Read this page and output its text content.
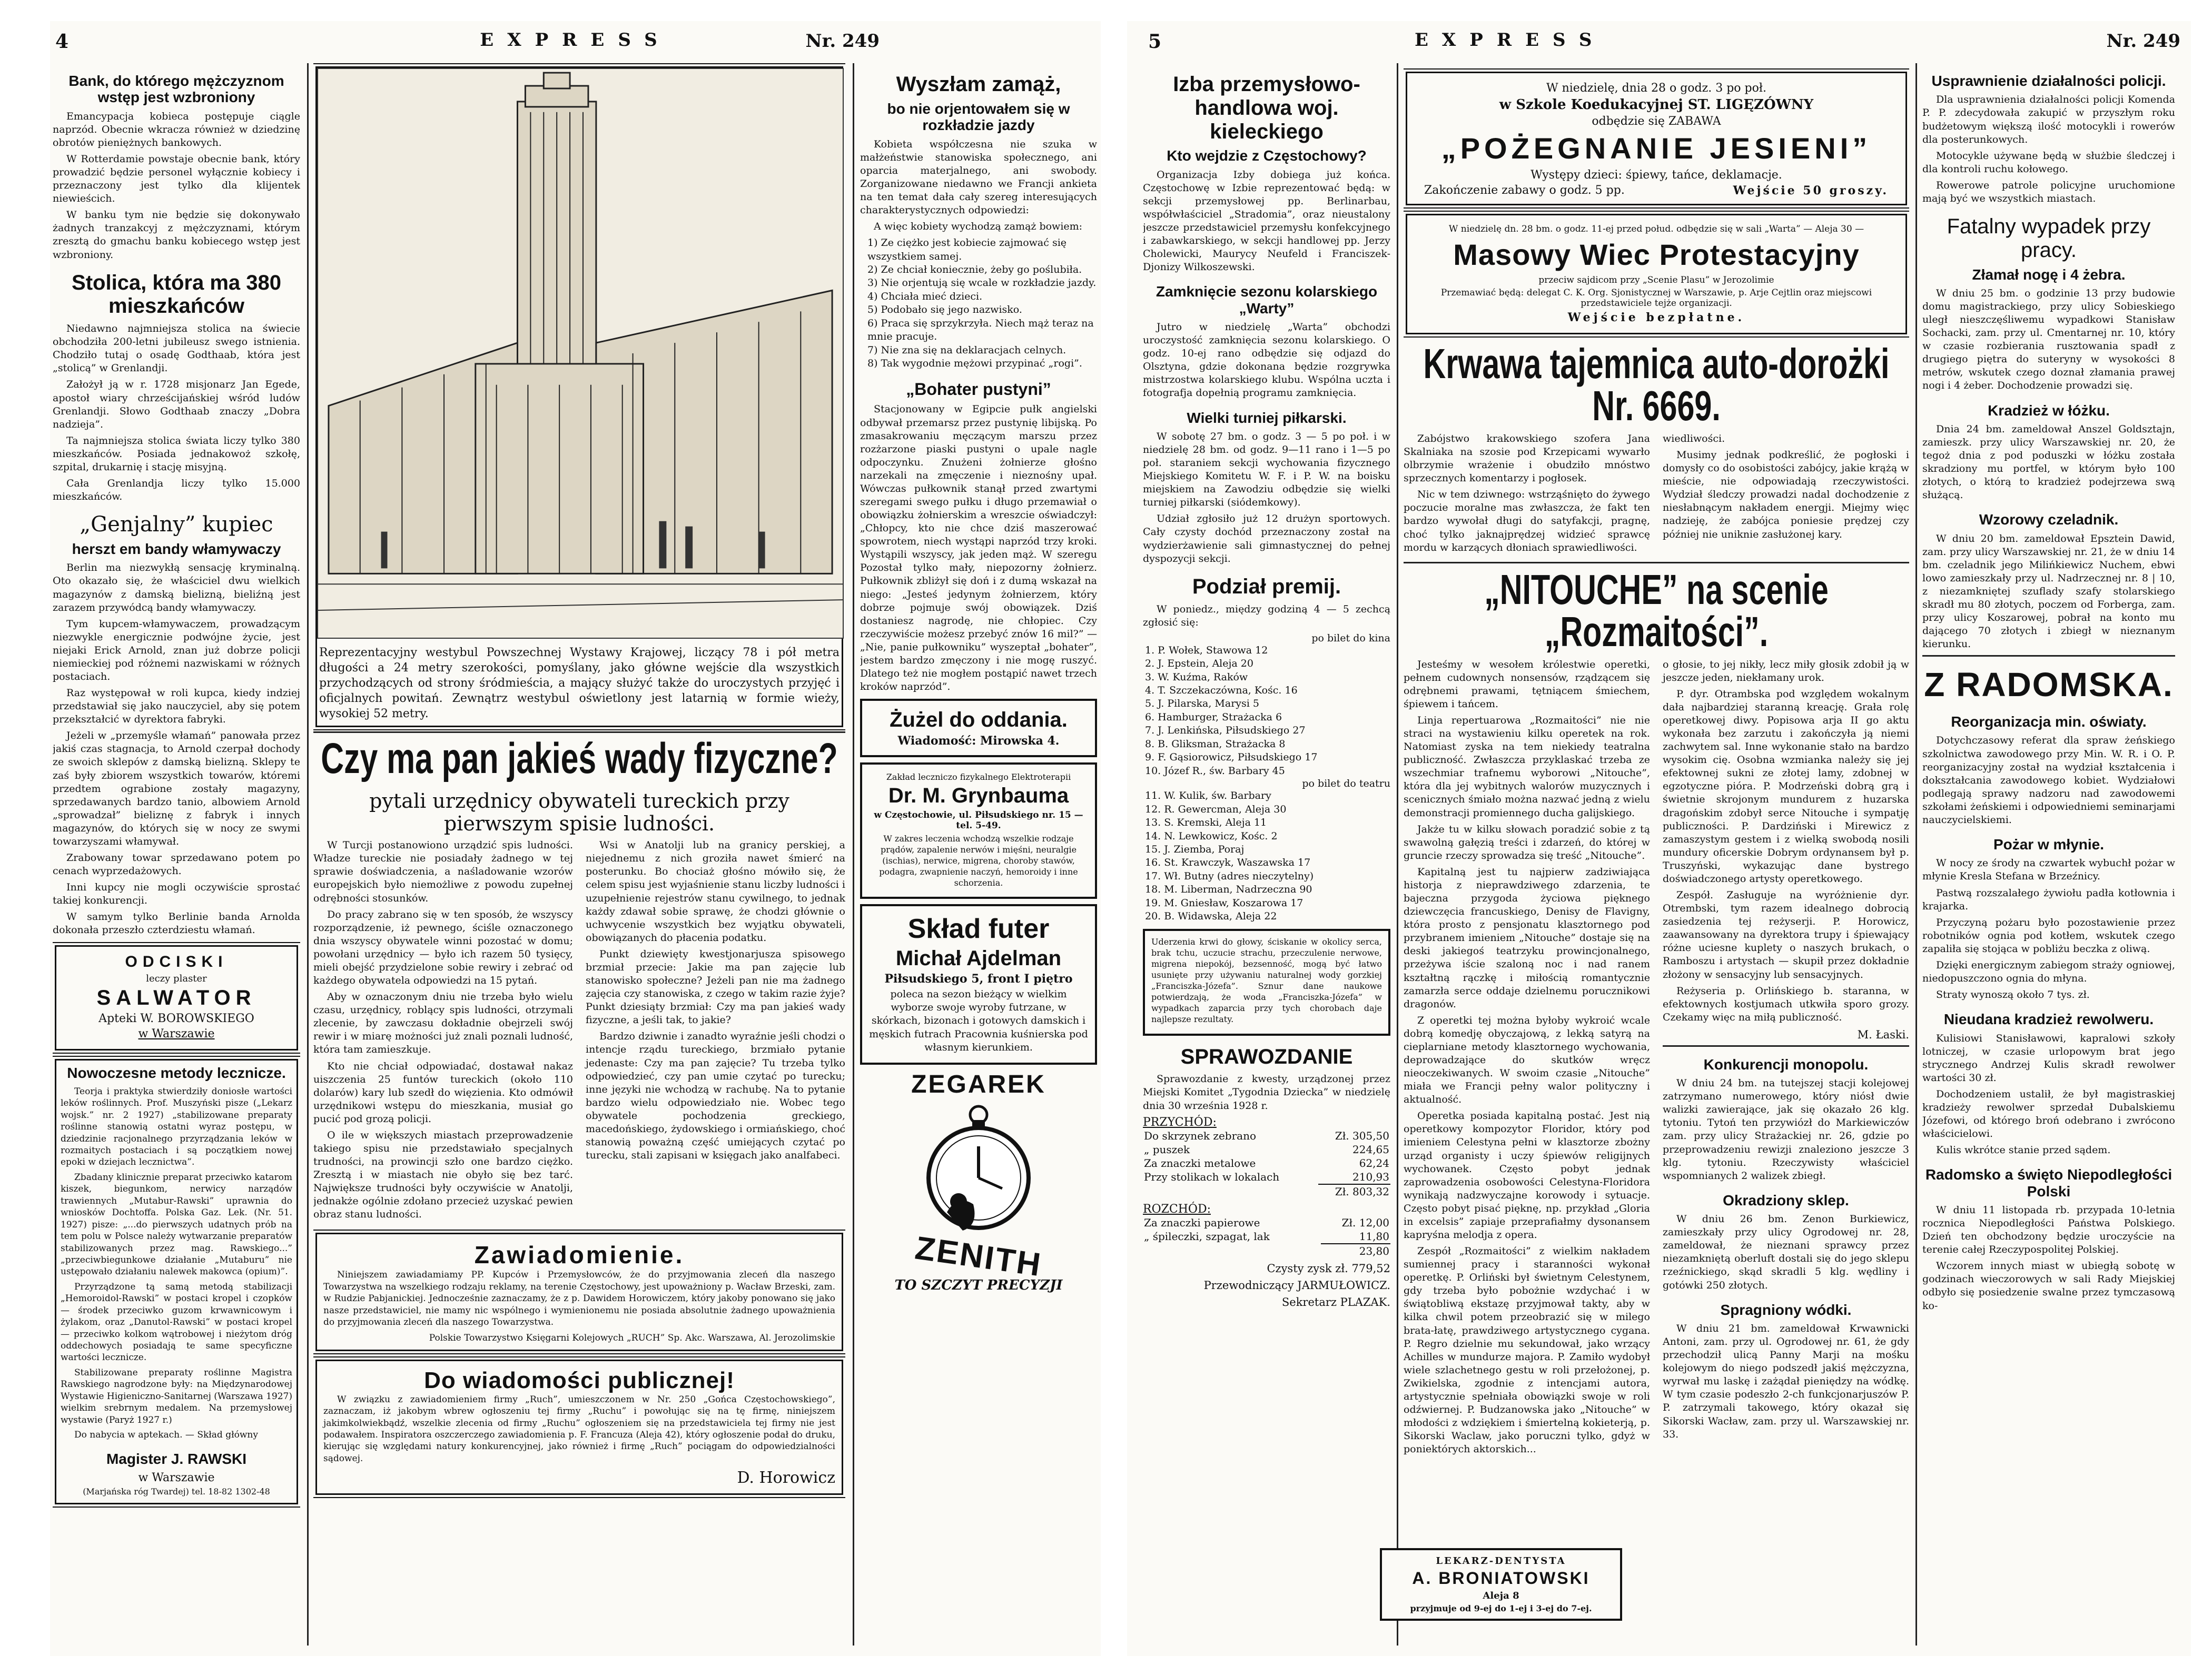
4	EXPRESS	Nr. 249
Bank, do którego mężczyznom wstęp jest wzbroniony

Emancypacja kobieca postępuje ciągle naprzód. Obecnie wkracza również w dziedzinę obrotów pieniężnych bankowych.

W Rotterdamie powstaje obecnie bank, który prowadzić będzie personel wyłącznie kobiecy i przeznaczony jest tylko dla klijentek niewieścich.

W banku tym nie będzie się dokonywało żadnych tranzakcyj z mężczyznami, którym zresztą do gmachu banku kobiecego wstęp jest wzbroniony.

Stolica, która ma 380 mieszkańców

Niedawno najmniejsza stolica na świecie obchodziła 200-letni jubileusz swego istnienia. Chodziło tutaj o osadę Godthaab, która jest „stolicą” w Grenlandji.

Założył ją w r. 1728 misjonarz Jan Egede, apostoł wiary chrześcijańskiej wśród ludów Grenlandji. Słowo Godthaab znaczy „Dobra nadzieja”.

Ta najmniejsza stolica świata liczy tylko 380 mieszkańców. Posiada jednakowoż szkołę, szpital, drukarnię i stację misyjną.

Cała Grenlandja liczy tylko 15.000 mieszkańców.

„Genjalny” kupiec
herszt em bandy włamywaczy

Berlin ma niezwykłą sensację kryminalną. Oto okazało się, że właściciel dwu wielkich magazynów z damską bielizną, bieliźną jest zarazem przywódcą bandy włamywaczy.

Tym kupcem-włamywaczem, prowadzącym niezwykle energicznie podwójne życie, jest niejaki Erick Arnold, znan już dobrze policji niemieckiej pod różnemi nazwiskami w różnych postaciach.

Raz występował w roli kupca, kiedy indziej przedstawiał się jako nauczyciel, aby się potem przekształcić w dyrektora fabryki.

Jeżeli w „przemyśle włamań” panowała przez jakiś czas stagnacja, to Arnold czerpał dochody ze swoich sklepów z damską bielizną. Sklepy te zaś były zbiorem wszystkich towarów, któremi przedtem ograbione zostały magazyny, sprzedawanych bardzo tanio, albowiem Arnold „sprowadzał” bieliznę z fabryk i innych magazynów, do których się w nocy ze swymi towarzyszami włamywał.

Zrabowany towar sprzedawano potem po cenach wyprzedażowych.

Inni kupcy nie mogli oczywiście sprostać takiej konkurencji.

W samym tylko Berlinie banda Arnolda dokonała przeszło czterdziestu włamań.

ODCISKI
leczy plaster
SALWATOR
Apteki W. BOROWSKIEGO
w Warszawie
Nowoczesne metody lecznicze.

Teorja i praktyka stwierdziły doniosłe wartości leków roślinnych. Prof. Muszyński pisze („Lekarz wojsk.” nr. 2 1927) „stabilizowane preparaty roślinne stanowią ostatni wyraz postępu, w dziedzinie racjonalnego przyrządzania leków w rozmaitych postaciach i są początkiem nowej epoki w dziejach lecznictwa”.

Zbadany klinicznie preparat przeciwko katarom kiszek, biegunkom, nerwicy narządów trawiennych „Mutabur-Rawski” uprawnia do wniosków Dochtoffa. Polska Gaz. Lek. (Nr. 51. 1927) pisze: „...do pierwszych udatnych prób na tem polu w Polsce należy wytwarzanie preparatów stabilizowanych przez mag. Rawskiego...” „przeciwbiegunkowe działanie „Mutaburu” nie ustępowało działaniu nalewek makowca (opium)”.

Przyrządzone tą samą metodą stabilizacji „Hemoroidol-Rawski” w postaci kropel i czopków — środek przeciwko guzom krwawnicowym i żylakom, oraz „Danutol-Rawski” w postaci kropel — przeciwko kolkom wątrobowej i nieżytom dróg oddechowych posiadają te same specyficzne wartości lecznicze.

Stabilizowane preparaty roślinne Magistra Rawskiego nagrodzone były: na Międzynarodowej Wystawie Higieniczno-Sanitarnej (Warszawa 1927) wielkim srebrnym medalem. Na przemysłowej wystawie (Paryż 1927 r.)

Do nabycia w aptekach. — Skład główny

Magister J. RAWSKI
w Warszawie
(Marjańska róg Twardej) tel. 18-82 1302-48
Reprezentacyjny westybul Powszechnej Wystawy Krajowej, liczący 78 i pół metra długości a 24 metry szerokości, pomyślany, jako główne wejście dla wszystkich przychodzących od strony śródmieścia, a mający służyć także do uroczystych przyjęć i oficjalnych powitań. Zewnątrz westybul oświetlony jest latarnią w formie wieży, wysokiej 52 metry.
Czy ma pan jakieś wady fizyczne?
pytali urzędnicy obywateli tureckich przy pierwszym spisie ludności.

W Turcji postanowiono urządzić spis ludności. Władze tureckie nie posiadały żadnego w tej sprawie doświadczenia, a naśladowanie wzorów europejskich było niemożliwe z powodu zupełnej odrębności stosunków.

Do pracy zabrano się w ten sposób, że wszyscy rozporządzenie, iż pewnego, ściśle oznaczonego dnia wszyscy obywatele winni pozostać w domu; powołani urzędnicy — było ich razem 50 tysięcy, mieli obejść przydzielone sobie rewiry i zebrać od każdego obywatela odpowiedzi na 15 pytań.

Aby w oznaczonym dniu nie trzeba było wielu czasu, urzędnicy, roblący spis ludności, otrzymali zlecenie, by zawczasu dokładnie obejrzeli swój rewir i w miarę możności już znali poznali ludność, która tam zamieszkuje.

Kto nie chciał odpowiadać, dostawał nakaz uiszczenia 25 funtów tureckich (około 110 dolarów) kary lub szedł do więzienia. Kto odmówił urzędnikowi wstępu do mieszkania, musiał go pucić pod grozą policji.

O ile w większych miastach przeprowadzenie takiego spisu nie przedstawiało specjalnych trudności, na prowincji szło one bardzo ciężko. Zresztą i w miastach nie obyło się bez tarć. Największe trudności były oczywiście w Anatolji, jednakże ogólnie zdołano przecież uzyskać pewien obraz stanu ludności.

Wsi w Anatolji lub na granicy perskiej, a niejednemu z nich groziła nawet śmierć na posterunku. Bo chociaż głośno mówiło się, że celem spisu jest wyjaśnienie stanu liczby ludności i uzupełnienie rejestrów stanu cywilnego, to jednak każdy zdawał sobie sprawę, że chodzi głównie o uchwycenie wszystkich bez wyjątku obywateli, obowiązanych do płacenia podatku.

Punkt dziewięty kwestjonarjusza spisowego brzmiał przecie: Jakie ma pan zajęcie lub stanowisko społeczne? Jeżeli pan nie ma żadnego zajęcia czy stanowiska, z czego w takim razie żyje? Punkt dziesiąty brzmiał: Czy ma pan jakieś wady fizyczne, a jeśli tak, to jakie?

Bardzo dziwnie i zanadto wyraźnie jeśli chodzi o intencje rządu tureckiego, brzmiało pytanie jedenaste: Czy ma pan zajęcie? Tu trzeba tylko odpowiedzieć, czy pan umie czytać po turecku; inne języki nie wchodzą w rachubę. Na to pytanie bardzo wielu odpowiedziało nie. Wobec tego obywatele pochodzenia greckiego, macedońskiego, żydowskiego i ormiańskiego, choć stanowią poważną część umiejących czytać po turecku, stali zapisani w księgach jako analfabeci.

Zawiadomienie.

Niniejszem zawiadamiamy PP. Kupców i Przemysłowców, że do przyjmowania zleceń dla naszego Towarzystwa na wszelkiego rodzaju reklamy, na terenie Częstochowy, jest upoważniony p. Wacław Brzeski, zam. w Rudzie Pabjanickiej. Jednocześnie zaznaczamy, że z p. Dawidem Horowiczem, który jakoby ponowano się jako nasze przedstawiciel, nie mamy nic wspólnego i wymienionemu nie posiada absolutnie żadnego upoważnienia do przyjmowania zleceń dla naszego Towarzystwa.

Polskie Towarzystwo Księgarni Kolejowych „RUCH” Sp. Akc. Warszawa, Al. Jerozolimskie
Do wiadomości publicznej!

W związku z zawiadomieniem firmy „Ruch”, umieszczonem w Nr. 250 „Gońca Częstochowskiego”, zaznaczam, iż jakobym wbrew ogłoszeniu tej firmy „Ruchu” i powołując się na tę firmę, niniejszem jakimkolwiekbądź, wszelkie zlecenia od firmy „Ruchu” ogłoszeniem się na przedstawiciela tej firmy nie jest podawałem. Inspiratora oszczerczego zawiadomienia p. F. Francuza (Aleja 42), który ogłoszenie podał do druku, kierując się względami natury konkurencyjnej, jako również i firmę „Ruch” pociągam do odpowiedzialności sądowej.

D. Horowicz
Wyszłam zamąż,
bo nie orjentowałem się w rozkładzie jazdy

Kobieta współczesna nie szuka w małżeństwie stanowiska społecznego, ani oparcia materjalnego, ani swobody. Zorganizowane niedawno we Francji ankieta na ten temat dała cały szereg interesujących charakterystycznych odpowiedzi:

A więc kobiety wychodzą zamąż bowiem:

1) Ze ciężko jest kobiecie zajmować się wszystkiem samej.
2) Ze chciał koniecznie, żeby go poślubiła.
3) Nie orjentują się wcale w rozkładzie jazdy.
4) Chciała mieć dzieci.
5) Podobało się jego nazwisko.
6) Praca się sprzykrzyła. Niech mąż teraz na mnie pracuje.
7) Nie zna się na deklaracjach celnych.
8) Tak wygodnie mężowi przypinać „rogi”.
„Bohater pustyni”

Stacjonowany w Egipcie pułk angielski odbywał przemarsz przez pustynię libijską. Po zmasakrowaniu męczącym marszu przez rozżarzone piaski pustyni o upale nagle odpoczynku. Znużeni żołnierze głośno narzekali na zmęczenie i nieznośny upał. Wówczas pułkownik stanął przed zwartymi szeregami swego pułku i długo przemawiał o obowiązku żołnierskim a wreszcie oświadczył: „Chłopcy, kto nie chce dziś maszerować spowrotem, niech wystąpi naprzód trzy kroki. Wystąpili wszyscy, jak jeden mąż. W szeregu Pozostał tylko mały, niepozorny żołnierz. Pułkownik zbliżył się doń i z dumą wskazał na niego: „Jesteś jedynym żołnierzem, który dobrze pojmuje swój obowiązek. Dziś dostaniesz nagrodę, nie chłopiec. Czy rzeczywiście możesz przebyć znów 16 mil?” — „Nie, panie pułkowniku” wyszeptał „bohater”, jestem bardzo zmęczony i nie mogę ruszyć. Dlatego też nie mogłem postąpić nawet trzech kroków naprzód”.

Żużel do oddania.
Wiadomość: Mirowska 4.
Zakład leczniczo fizykalnego Elektroterapii
Dr. M. Grynbauma
w Częstochowie, ul. Piłsudskiego nr. 15 — tel. 5-49.

W zakres leczenia wchodzą wszelkie rodzaje prądów, zapalenie nerwów i mięśni, neuralgie (ischias), nerwice, migrena, choroby stawów, podagra, zwapnienie naczyń, hemoroidy i inne schorzenia.

Skład futer
Michał Ajdelman
Piłsudskiego 5, front I piętro

poleca na sezon bieżący w wielkim wyborze swoje wyroby futrzane, w skórkach, bizonach i gotowych damskich i męskich futrach Pracownia kuśnierska pod własnym kierunkiem.

ZEGAREK
ZENITH
TO SZCZYT PRECYZJI
5	EXPRESS	Nr. 249
Izba przemysłowo-handlowa woj. kieleckiego
Kto wejdzie z Częstochowy?

Organizacja Izby dobiega już końca. Częstochowę w Izbie reprezentować będą: w sekcji przemysłowej pp. Berlinarbau, współwłaściciel „Stradomia”, oraz nieustalony jeszcze przedstawiciel przemysłu konfekcyjnego i zabawkarskiego, w sekcji handlowej pp. Jerzy Cholewicki, Maurycy Neufeld i Franciszek-Djonizy Wilkoszewski.

Zamknięcie sezonu kolarskiego „Warty”

Jutro w niedzielę „Warta” obchodzi uroczystość zamknięcia sezonu kolarskiego. O godz. 10-ej rano odbędzie się odjazd do Olsztyna, gdzie dokonana będzie rozgrywka mistrzostwa kolarskiego klubu. Wspólna uczta i fotografja dopełnią programu zamknięcia.

Wielki turniej piłkarski.

W sobotę 27 bm. o godz. 3 — 5 po poł. i w niedzielę 28 bm. od godz. 9—11 rano i 1—5 po poł. staraniem sekcji wychowania fizycznego Miejskiego Komitetu W. F. i P. W. na boisku miejskiem na Zawodziu odbędzie się wielki turniej piłkarski (siódemkowy).

Udział zgłosiło już 12 drużyn sportowych. Cały czysty dochód przeznaczony został na wydzierżawienie sali gimnastycznej do pełnej dyspozycji sekcji.

Podział premij.

W poniedz., między godziną 4 — 5 zechcą zgłosić się:

po bilet do kina
1. P. Wołek, Stawowa 12
2. J. Epstein, Aleja 20
3. W. Kuźma, Raków
4. T. Szczekaczówna, Kośc. 16
5. J. Pilarska, Marysi 5
6. Hamburger, Strażacka 6
7. J. Lenkińska, Piłsudskiego 27
8. B. Gliksman, Strażacka 8
9. F. Gąsiorowicz, Piłsudskiego 17
10. Józef R., św. Barbary 45
po bilet do teatru
11. W. Kulik, św. Barbary
12. R. Gewercman, Aleja 30
13. S. Kremski, Aleja 11
14. N. Lewkowicz, Kośc. 2
15. J. Ziemba, Poraj
16. St. Krawczyk, Waszawska 17
17. Wł. Butny (adres nieczytelny)
18. M. Liberman, Nadrzeczna 90
19. M. Gniesław, Koszarowa 17
20. B. Widawska, Aleja 22

Uderzenia krwi do głowy, ściskanie w okolicy serca, brak tchu, uczucie strachu, przeczulenie nerwowe, migrena niepokój, bezsenność, mogą być łatwo usunięte przy używaniu naturalnej wody gorzkiej „Franciszka-Józefa”. Sznur dane naukowe potwierdzają, że woda „Franciszka-Józefa” w wypadkach zaparcia przy tych chorobach daje najlepsze rezultaty.

SPRAWOZDANIE

Sprawozdanie z kwesty, urządzonej przez Miejski Komitet „Tygodnia Dziecka” w niedzielę dnia 30 września 1928 r.

PRZYCHÓD:
Do skrzynek zebrano	Zł. 305,50
„ puszek	224,65
Za znaczki metalowe	62,24
Przy stolikach w lokalach	210,93
	Zł. 803,32
ROZCHÓD:
Za znaczki papierowe	Zł. 12,00
„ śpileczki, szpagat, lak	11,80
	23,80
Czysty zysk zł. 779,52
Przewodniczący JARMUŁOWICZ.
Sekretarz PLAZAK.
W niedzielę, dnia 28 o godz. 3 po poł.
w Szkole Koedukacyjnej ST. LIGĘZÓWNY
odbędzie się ZABAWA
„POŻEGNANIE JESIENI”
Występy dzieci: śpiewy, tańce, deklamacje.
Zakończenie zabawy o godz. 5 pp.	Wejście 50 groszy.
W niedzielę dn. 28 bm. o godz. 11-ej przed połud. odbędzie się w sali „Warta” — Aleja 30 —
Masowy Wiec Protestacyjny
przeciw sajdicom przy „Scenie Plasu” w Jerozolimie
Przemawiać będą: delegat C. K. Org. Sjonistycznej w Warszawie, p. Arje Cejtlin oraz miejscowi przedstawiciele tejże organizacji.
Wejście bezpłatne.
Krwawa tajemnica auto-dorożki Nr. 6669.

Zabójstwo krakowskiego szofera Jana Skalniaka na szosie pod Krzepicami wywarło olbrzymie wrażenie i obudziło mnóstwo sprzecznych komentarzy i pogłosek.

Nic w tem dziwnego: wstrząśnięto do żywego poczucie moralne mas zwłaszcza, że fakt ten bardzo wywołał długi do satyfakcji, pragnę, choć tylko jaknajprędzej widzieć sprawcę mordu w karzących dłoniach sprawiedliwości.

wiedliwości.

Musimy jednak podkreślić, że pogłoski i domysły co do osobistości zabójcy, jakie krążą w mieście, nie odpowiadają rzeczywistości. Wydział śledczy prowadzi nadal dochodzenie z niesłabnącym nakładem energji. Miejmy więc nadzieję, że zabójca poniesie prędzej czy później nie uniknie zasłużonej kary.

„NITOUCHE” na scenie „Rozmaitości”.

Jesteśmy w wesołem królestwie operetki, pełnem cudownych nonsensów, rządzącem się odrębnemi prawami, tętniącem śmiechem, śpiewem i tańcem.

Linja repertuarowa „Rozmaitości” nie nie straci na wystawieniu kilku operetek na rok. Natomiast zyska na tem niekiedy teatralna publiczność. Zwłaszcza przyklaskać trzeba ze wszechmiar trafnemu wyborowi „Nitouche”, która dla jej wybitnych walorów muzycznych i scenicznych śmiało można nazwać jedną z wielu demonstracji promiennego ducha galijskiego.

Jakże tu w kilku słowach poradzić sobie z tą swawolną gałęzią treści i zdarzeń, do której w gruncie rzeczy sprowadza się treść „Nitouche”.

Kapitalną jest tu najpierw zadziwiająca historja z nieprawdziwego zdarzenia, te bajeczna przygoda życiowa pięknego dziewczęcia francuskiego, Denisy de Flavigny, która prosto z pensjonatu klasztornego pod przybranem imieniem „Nitouche” dostaje się na deski jakiegoś teatrzyku prowincjonalnego, przeżywa iście szaloną noc i nad ranem kształtną rączkę i miłością romantycznie zamarzła serce oddaje dzielnemu porucznikowi dragonów.

Z operetki tej można byłoby wykroić wcale dobrą komedję obyczajową, z lekką satyrą na cieplarniane metody klasztornego wychowania, deprowadzające do skutków wręcz nieoczekiwanych. W swoim czasie „Nitouche” miała we Francji pełny walor polityczny i aktualność.

Operetka posiada kapitalną postać. Jest nią operetkowy kompozytor Floridor, który pod imieniem Celestyna pełni w klasztorze zbożny urząd organisty i uczy śpiewów religijnych wychowanek. Często pobyt jednak zaprowadzenia osobowości Celestyna-Floridora wynikają nadzwyczajne korowody i sytuacje. Często pobyt pisać pięknę, np. przykład „Gloria in excelsis” zapiaje przeprafiałmy dysonansem kapryśna melodja z opera.

Zespół „Rozmaitości” z wielkim nakładem sumiennej pracy i staranności wykonał operetkę. P. Orliński był świetnym Celestynem, gdy trzeba było pobożnie wzdychać i w świątobliwą ekstazę przyjmował takty, aby w kilka chwil potem przeobrazić się w milego brata-łatę, prawdziwego artystycznego cygana. P. Regro dzielnie mu sekundował, jako wrzący Achilles w mundurze majora. P. Zamiło wydobył wiele szlachetnego gestu w roli przełożonej, p. Zwikielska, zgodnie z intencjami autora, artystycznie spełniała obowiązki swoje w roli odźwiernej. P. Budzanowska jako „Nitouche” w młodości z wdziękiem i śmiertelną kokieterją, p. Sikorski Waclaw, jako poruczni tylko, gdyż w poniektórych aktorskich...

o głosie, to jej nikły, lecz miły głosik zdobił ją w jeszcze jeden, niekłamany urok.

P. dyr. Otrambska pod względem wokalnym dała najbardziej staranną kreację. Grała rolę operetkowej diwy. Popisowa arja II go aktu wykonała bez zarzutu i zakończyła ją niemi zachwytem sal. Inne wykonanie stało na bardzo wysokim cię. Osobna wzmianka należy się jej efektownej sukni ze złotej lamy, zdobnej w egzotyczne pióra. P. Modrzeński dobrą grą i świetnie skrojonym mundurem z huzarska dragońskim zdobył serce Nitouche i sympatję publiczności. P. Dardziński i Mirewicz z zamaszystym gestem i z wielką swobodą nosili mundury oficerskie Dobrym ordynansem był p. Truszyński, wykazując dane bystrego doświadczonego artysty operetkowego.

Zespół. Zasługuje na wyróżnienie dyr. Otrembski, tym razem idealnego dobrocią zasiedzenia tej reżyserji. P. Horowicz, zaawansowany na dyrektora trupy i śpiewający różne uciesne kuplety o naszych brukach, o Ramboszu i artystach — skupił przez dokładnie złożony w sensacyjny lub sensacyjnych.

Reżyseria p. Orlińskiego b. staranna, w efektownych kostjumach utkwiła sporo grozy. Czekamy więc na miłą publiczność.

M. Łaski.
Konkurencji monopolu.

W dniu 24 bm. na tutejszej stacji kolejowej zatrzymano numerowego, który niósł dwie walizki zawierające, jak się okazało 26 klg. tytoniu. Tytoń ten przywiózł do Markiewiczów zam. przy ulicy Strażackiej nr. 26, gdzie po przeprowadzeniu rewizji znaleziono jeszcze 3 klg. tytoniu. Rzeczywisty właściciel wspomnianych 2 walizek zbiegł.

Okradziony sklep.

W dniu 26 bm. Zenon Burkiewicz, zamieszkały przy ulicy Ogrodowej nr. 28, zameldował, że nieznani sprawcy przez niezamkniętą oberluft dostali się do jego sklepu rzeźnickiego, skąd skradli 5 klg. wędliny i gotówki 250 złotych.

Spragniony wódki.

W dniu 21 bm. zameldował Krwawnicki Antoni, zam. przy ul. Ogrodowej nr. 61, że gdy przechodził ulicą Panny Marji na mośku kolejowym do niego podszedł jakiś mężczyzna, wyrwał mu laskę i zażądał pieniędzy na wódkę. W tym czasie podeszło 2-ch funkcjonarjuszów P. P. zatrzymali takowego, który okazał się Sikorski Wacław, zam. przy ul. Warszawskiej nr. 33.

Usprawnienie działalności policji.

Dla usprawnienia działalności policji Komenda P. P. zdecydowała zakupić w przyszłym roku budżetowym większą ilość motocykli i rowerów dla posterunkowych.

Motocykle używane będą w służbie śledczej i dla kontroli ruchu kołowego.

Rowerowe patrole policyjne uruchomione mają być we wszystkich miastach.

Fatalny wypadek przy pracy.
Złamał nogę i 4 żebra.

W dniu 25 bm. o godzinie 13 przy budowie domu magistrackiego, przy ulicy Sobieskiego uległ nieszczęśliwemu wypadkowi Stanisław Sochacki, zam. przy ul. Cmentarnej nr. 10, który w czasie rozbierania rusztowania spadł z drugiego piętra do suteryny w wysokości 8 metrów, wskutek czego doznał złamania prawej nogi i 4 żeber. Dochodzenie prowadzi się.

Kradzież w łóżku.

Dnia 24 bm. zameldował Anszel Goldsztajn, zamieszk. przy ulicy Warszawskiej nr. 20, że tegoż dnia z pod poduszki w łóżku została skradziony mu portfel, w którym było 100 złotych, o którą to kradzież podejrzewa swą służącą.

Wzorowy czeladnik.

W dniu 20 bm. zameldował Epsztein Dawid, zam. przy ulicy Warszawskiej nr. 21, że w dniu 14 bm. czeladnik jego Milińkiewicz Nuchem, ebwi lowo zamieszkały przy ul. Nadrzecznej nr. 8 | 10, z niezamkniętej szuflady szafy stolarskiego skradł mu 80 złotych, poczem od Forberga, zam. przy ulicy Koszarowej, pobrał na konto mu dającego 70 złotych i zbiegł w nieznanym kierunku.

Z RADOMSKA.
Reorganizacja min. oświaty.

Dotychczasowy referat dla spraw żeńskiego szkolnictwa zawodowego przy Min. W. R. i O. P. reorganizacyjny został na wydział kształcenia i dokształcania zawodowego kobiet. Wydziałowi podlegają sprawy nadzoru nad zawodowemi szkołami żeńskiemi i odpowiedniemi seminarjami nauczycielskiemi.

Pożar w młynie.

W nocy ze środy na czwartek wybuchł pożar w młynie Kresla Stefana w Brzeźnicy.

Pastwą rozszalałego żywiołu padła kotłownia i krajarka.

Przyczyną pożaru było pozostawienie przez robotników ognia pod kotłem, wskutek czego zapaliła się stojąca w pobliżu beczka z oliwą.

Dzięki energicznym zabiegom straży ogniowej, niedopuszczono ognia do młyna.

Straty wynoszą około 7 tys. zł.

Nieudana kradzież rewolweru.

Kulisiowi Stanisławowi, kapralowi szkoły lotniczej, w czasie urlopowym brat jego strycznego Andrzej Kulis skradł rewolwer wartości 30 zł.

Dochodzeniem ustalił, że był magistraskiej kradzieży rewolwer sprzedał Dubalskiemu Józefowi, od którego broń odebrano i zwrócono właścicielowi.

Kulis wkrótce stanie przed sądem.

Radomsko a święto Niepodległości Polski

W dniu 11 listopada rb. przypada 10-letnia rocznica Niepodległości Państwa Polskiego. Dzień ten obchodzony będzie uroczyście na terenie całej Rzeczypospolitej Polskiej.

Wczorem innych miast w ubiegłą sobotę w godzinach wieczorowych w sali Rady Miejskiej odbyło się posiedzenie swalne przez tymczasową ko-

LEKARZ-DENTYSTA
A. BRONIATOWSKI
Aleja 8
przyjmuje od 9-ej do 1-ej i 3-ej do 7-ej.
